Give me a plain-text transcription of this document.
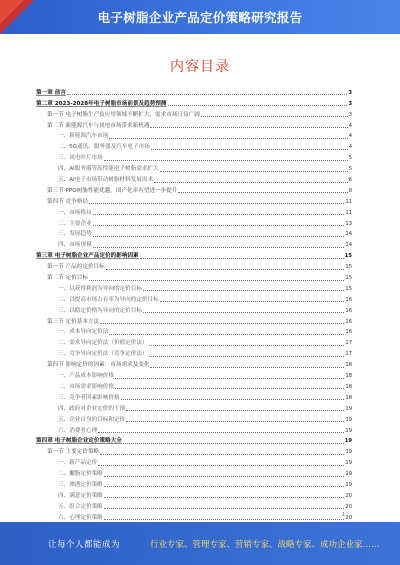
电子树脂企业产品定价策略研究报告
内容目录
第一章 前言	3
第二章 2023-2028年电子树脂市场前景及趋势预测	3
第一节 电子树脂生产及应用领域不断扩大，需求市场日益广阔	3
第二节 新能源汽车与风电市场带来新机遇	4
一、新能源汽车市场	4
二、5G通讯、服务器及汽车电子市场	4
三、风电叶片市场	5
四、AI服务器等高性能电子树脂需求扩大	5
五、AI电子市场带动树脂材料发展需求	6
第三节 PPO树脂性能优越，国产化率有望进一步提升	8
第四节 竞争格局	11
一、市场格局	11
二、主要企业	13
三、发展趋势	14
四、市场规模	14
第三章 电子树脂企业产品定价的影响因素	15
第一节 产品的定价目标	15
第二节 定价目标	15
一、以获得利润为导向的定价目标	15
二、以提高市场占有率为导向的定价目标	16
三、以稳定价格为导向的定价目标	16
第三节 定价基本方法	16
一、成本导向定价法	16
二、需求导向定价法（价值定价法）	17
三、竞争导向定价法（竞争定价法）	17
第四节 影响定价的因素：市场需求及变化	18
一、产品成本影响价格	18
二、市场需求影响价格	18
三、竞争者因素影响价格	18
四、政府对企业定价的干预	19
五、企业自身的目标和定价	19
六、消费者心理	19
第四章 电子树脂企业定价策略大全	19
第一节 主要定价策略	19
一、新产品定价	19
二、撇脂定价策略	19
三、渗透定价策略	19
四、满意定价策略	20
五、组合定价策略	20
六、心理定价策略	20
1
让每个人都能成为	行业专家、管理专家、营销专家、战略专家、成功企业家……
